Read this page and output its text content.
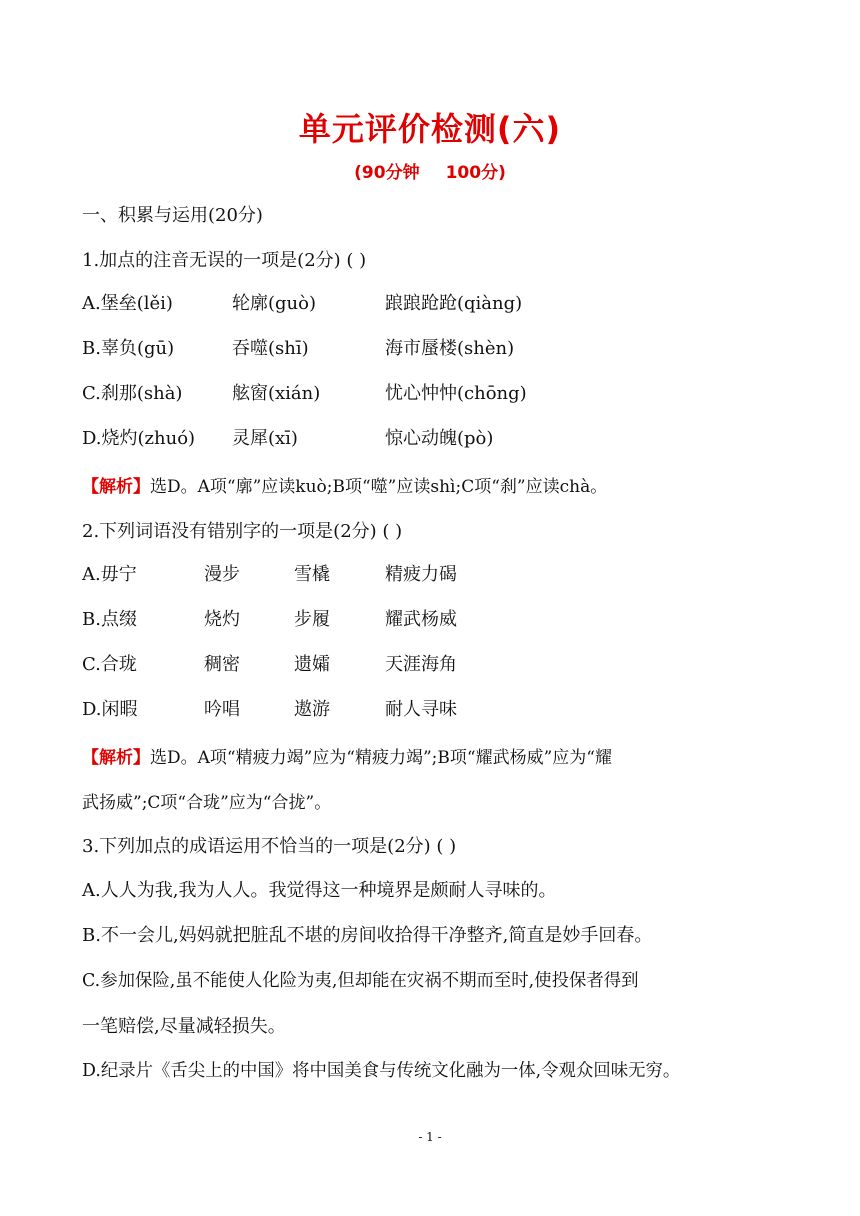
单元评价检测(六)
(90分钟 100分)
一、积累与运用(20分)
1.加点的注音无误的一项是(2分) ( )
A.堡垒(lěi)	轮廓(guò)	踉踉跄跄(qiàng)
B.辜负(gū)	吞噬(shī)	海市蜃楼(shèn)
C.刹那(shà)	舷窗(xián)	忧心忡忡(chōng)
D.烧灼(zhuó) 灵犀(xī)	惊心动魄(pò)
【解析】选D。A项“廓”应读kuò;B项“噬”应读shì;C项“刹”应读chà。
2.下列词语没有错别字的一项是(2分) ( )
A.毋宁	漫步	雪橇	精疲力碣
B.点缀	烧灼	步履	耀武杨威
C.合珑	稠密	遗孀	天涯海角
D.闲暇	吟唱	遨游	耐人寻味
【解析】选D。A项“精疲力竭”应为“精疲力竭”;B项“耀武杨威”应为“耀
武扬威”;C项“合珑”应为“合拢”。
3.下列加点的成语运用不恰当的一项是(2分) ( )
A.人人为我,我为人人。我觉得这一种境界是颇耐人寻味的。
B.不一会儿,妈妈就把脏乱不堪的房间收拾得干净整齐,简直是妙手回春。
C.参加保险,虽不能使人化险为夷,但却能在灾祸不期而至时,使投保者得到
一笔赔偿,尽量减轻损失。
D.纪录片《舌尖上的中国》将中国美食与传统文化融为一体,令观众回味无穷。
- 1 -
